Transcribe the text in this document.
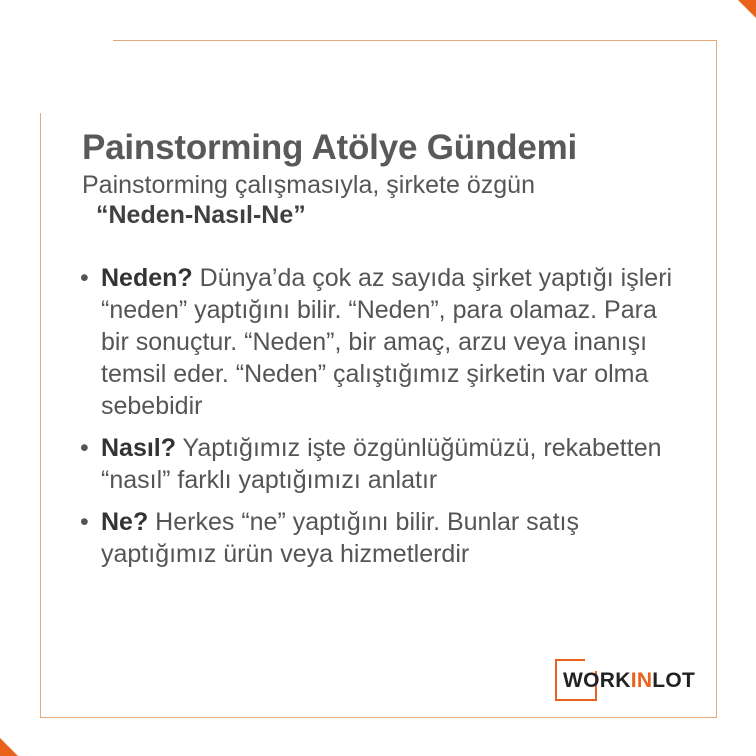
Painstorming Atölye Gündemi
Painstorming çalışmasıyla, şirkete özgün
“Neden-Nasıl-Ne”
• Neden? Dünya’da çok az sayıda şirket yaptığı işleri “neden” yaptığını bilir. “Neden”, para olamaz. Para bir sonuçtur. “Neden”, bir amaç, arzu veya inanışı temsil eder. “Neden” çalıştığımız şirketin var olma sebebidir
• Nasıl? Yaptığımız işte özgünlüğümüzü, rekabetten “nasıl” farklı yaptığımızı anlatır
• Ne? Herkes “ne” yaptığını bilir. Bunlar satış yaptığımız ürün veya hizmetlerdir
WORKINLOT
